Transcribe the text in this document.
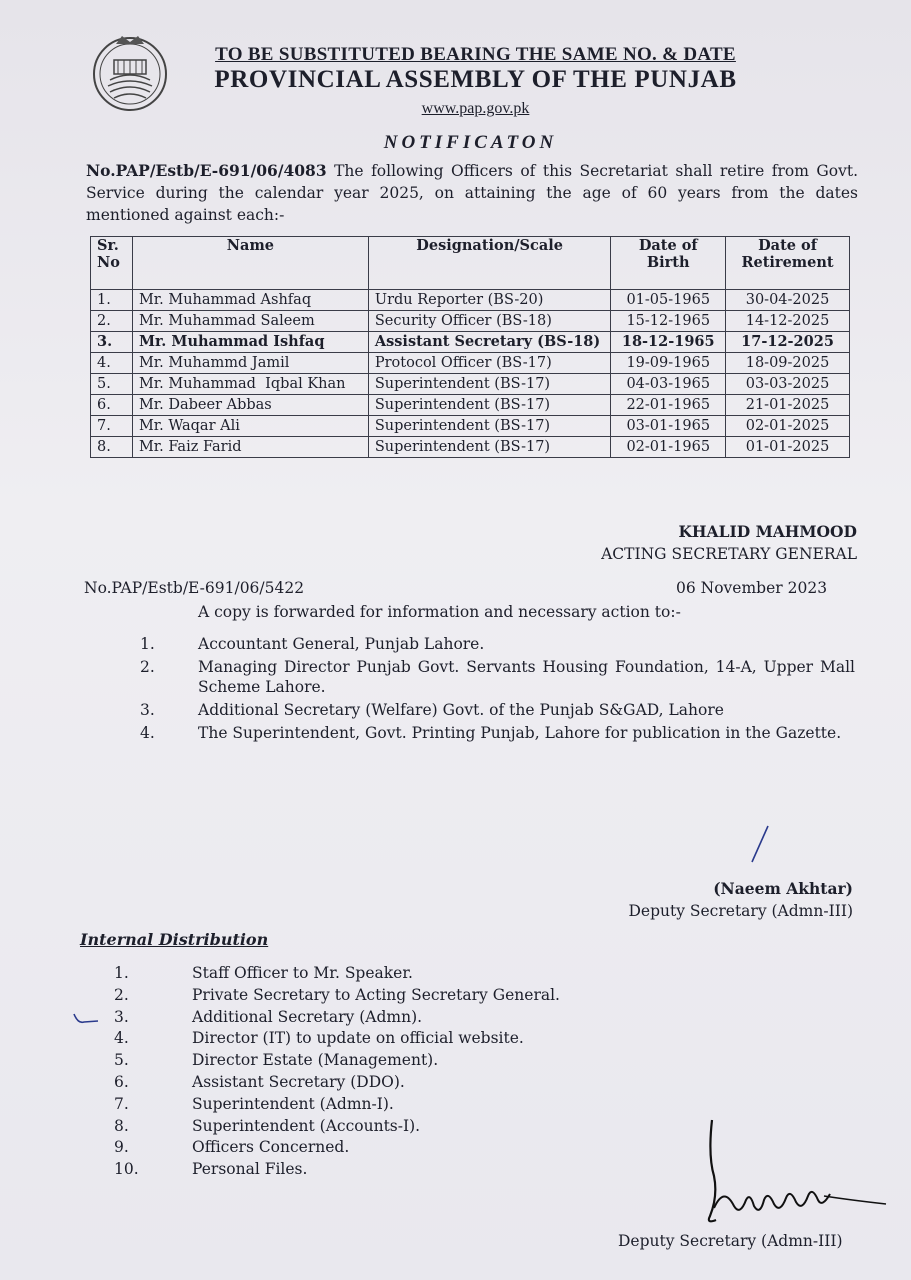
TO BE SUBSTITUTED BEARING THE SAME NO. & DATE
PROVINCIAL ASSEMBLY OF THE PUNJAB
www.pap.gov.pk
NOTIFICATON
No.PAP/Estb/E-691/06/4083 The following Officers of this Secretariat shall retire from Govt. Service during the calendar year 2025, on attaining the age of 60 years from the dates mentioned against each:-
Sr. No	Name	Designation/Scale	Date of Birth	Date of Retirement
1.	Mr. Muhammad Ashfaq	Urdu Reporter (BS-20)	01-05-1965	30-04-2025
2.	Mr. Muhammad Saleem	Security Officer (BS-18)	15-12-1965	14-12-2025
3.	Mr. Muhammad Ishfaq	Assistant Secretary (BS-18)	18-12-1965	17-12-2025
4.	Mr. Muhammd Jamil	Protocol Officer (BS-17)	19-09-1965	18-09-2025
5.	Mr. Muhammad  Iqbal Khan	Superintendent (BS-17)	04-03-1965	03-03-2025
6.	Mr. Dabeer Abbas	Superintendent (BS-17)	22-01-1965	21-01-2025
7.	Mr. Waqar Ali	Superintendent (BS-17)	03-01-1965	02-01-2025
8.	Mr. Faiz Farid	Superintendent (BS-17)	02-01-1965	01-01-2025
KHALID MAHMOOD
ACTING SECRETARY GENERAL
No.PAP/Estb/E-691/06/5422	06 November 2023
A copy is forwarded for information and necessary action to:-
1.	Accountant General, Punjab Lahore.
2.	Managing Director Punjab Govt. Servants Housing Foundation, 14-A, Upper Mall Scheme Lahore.
3.	Additional Secretary (Welfare) Govt. of the Punjab S&GAD, Lahore
4.	The Superintendent, Govt. Printing Punjab, Lahore for publication in the Gazette.
(Naeem Akhtar)
Deputy Secretary (Admn-III)
Internal Distribution
1.	Staff Officer to Mr. Speaker.
2.	Private Secretary to Acting Secretary General.
3.	Additional Secretary (Admn).
4.	Director (IT) to update on official website.
5.	Director Estate (Management).
6.	Assistant Secretary (DDO).
7.	Superintendent (Admn-I).
8.	Superintendent (Accounts-I).
9.	Officers Concerned.
10.	Personal Files.
Deputy Secretary (Admn-III)
